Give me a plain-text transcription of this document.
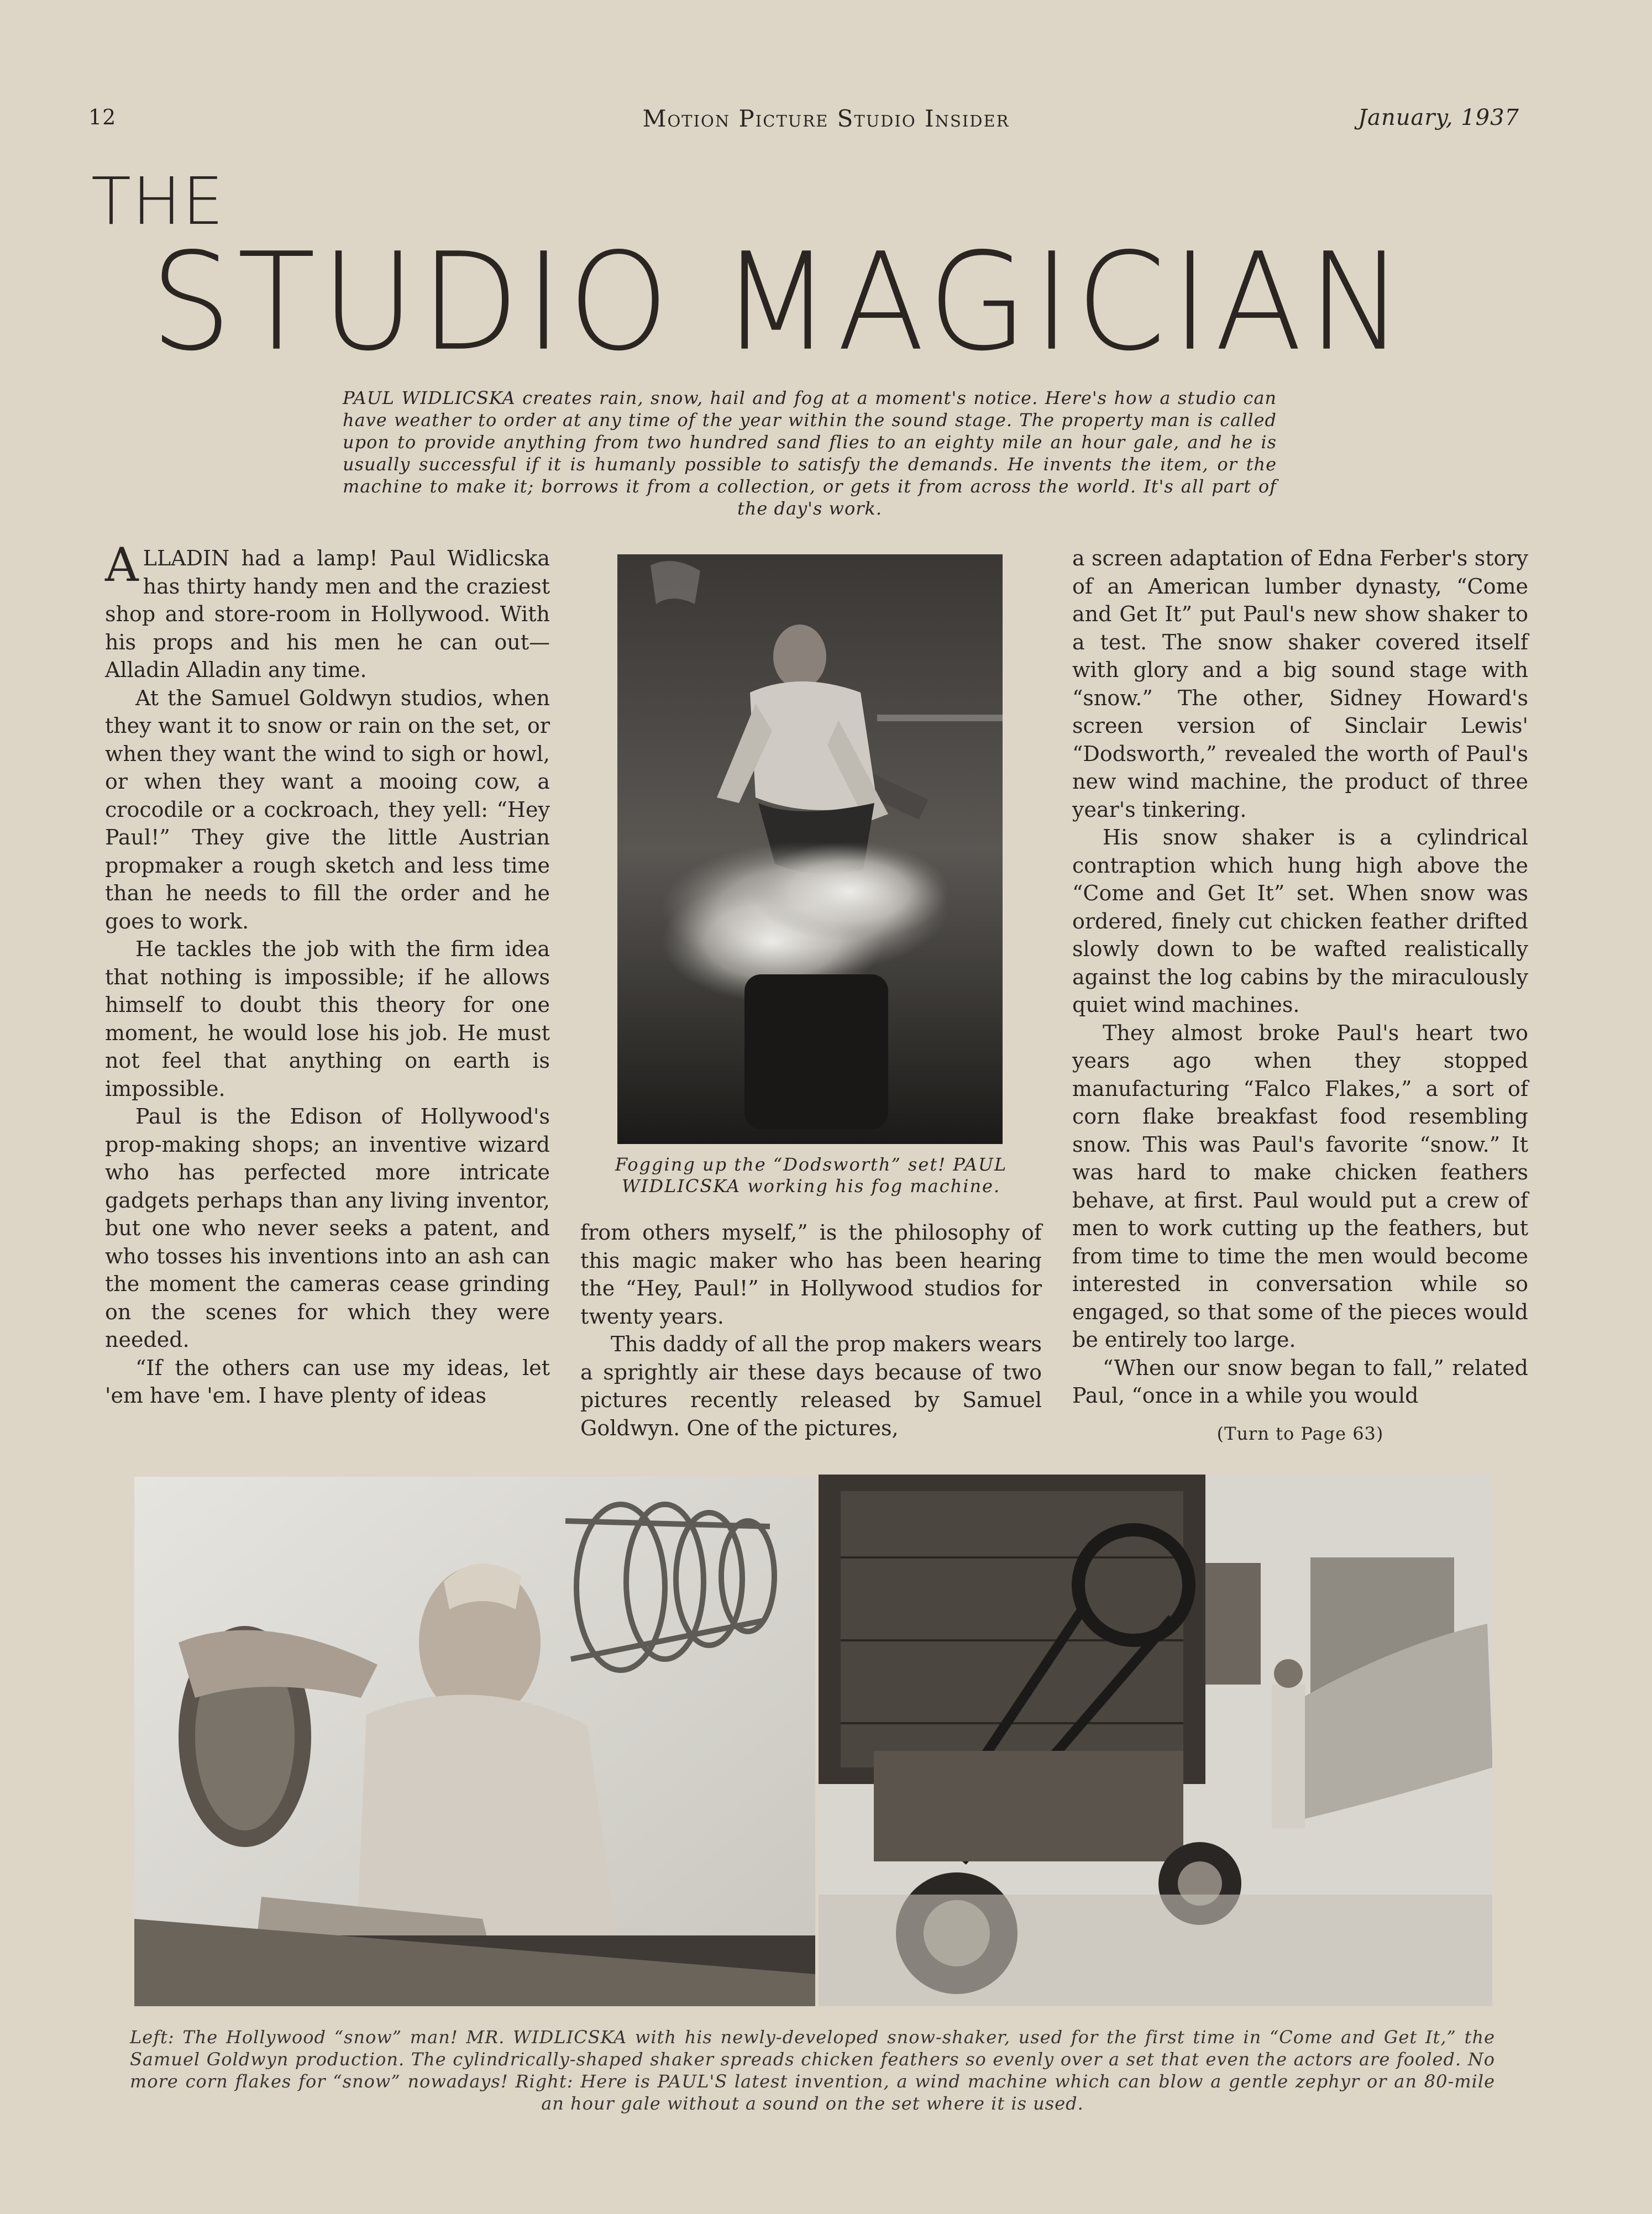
12	Motion Picture Studio Insider	January, 1937
THE
STUDIO MAGICIAN
PAUL WIDLICSKA creates rain, snow, hail and fog at a moment's notice. Here's how a studio can have weather to order at any time of the year within the sound stage. The property man is called upon to provide anything from two hundred sand flies to an eighty mile an hour gale, and he is usually successful if it is humanly possible to satisfy the demands. He invents the item, or the machine to make it; borrows it from a collection, or gets it from across the world. It's all part of the day's work.

ALLADIN had a lamp! Paul Widlicska has thirty handy men and the craziest shop and store-room in Hollywood. With his props and his men he can out—Alladin Alladin any time.

At the Samuel Goldwyn studios, when they want it to snow or rain on the set, or when they want the wind to sigh or howl, or when they want a mooing cow, a crocodile or a cockroach, they yell: “Hey Paul!” They give the little Austrian propmaker a rough sketch and less time than he needs to fill the order and he goes to work.

He tackles the job with the firm idea that nothing is impossible; if he allows himself to doubt this theory for one moment, he would lose his job. He must not feel that anything on earth is impossible.

Paul is the Edison of Hollywood's prop-making shops; an inventive wizard who has perfected more intricate gadgets perhaps than any living inventor, but one who never seeks a patent, and who tosses his inventions into an ash can the moment the cameras cease grinding on the scenes for which they were needed.

“If the others can use my ideas, let 'em have 'em. I have plenty of ideas

Fogging up the “Dodsworth” set! PAUL WIDLICSKA working his fog machine.

from others myself,” is the philosophy of this magic maker who has been hearing the “Hey, Paul!” in Hollywood studios for twenty years.

This daddy of all the prop makers wears a sprightly air these days because of two pictures recently released by Samuel Goldwyn. One of the pictures,

a screen adaptation of Edna Ferber's story of an American lumber dynasty, “Come and Get It” put Paul's new show shaker to a test. The snow shaker covered itself with glory and a big sound stage with “snow.” The other, Sidney Howard's screen version of Sinclair Lewis' “Dodsworth,” revealed the worth of Paul's new wind machine, the product of three year's tinkering.

His snow shaker is a cylindrical contraption which hung high above the “Come and Get It” set. When snow was ordered, finely cut chicken feather drifted slowly down to be wafted realistically against the log cabins by the miraculously quiet wind machines.

They almost broke Paul's heart two years ago when they stopped manufacturing “Falco Flakes,” a sort of corn flake breakfast food resembling snow. This was Paul's favorite “snow.” It was hard to make chicken feathers behave, at first. Paul would put a crew of men to work cutting up the feathers, but from time to time the men would become interested in conversation while so engaged, so that some of the pieces would be entirely too large.

“When our snow began to fall,” related Paul, “once in a while you would

(Turn to Page 63)
Left: The Hollywood “snow” man! MR. WIDLICSKA with his newly-developed snow-shaker, used for the first time in “Come and Get It,” the Samuel Goldwyn production. The cylindrically-shaped shaker spreads chicken feathers so evenly over a set that even the actors are fooled. No more corn flakes for “snow” nowadays! Right: Here is PAUL'S latest invention, a wind machine which can blow a gentle zephyr or an 80-mile an hour gale without a sound on the set where it is used.
